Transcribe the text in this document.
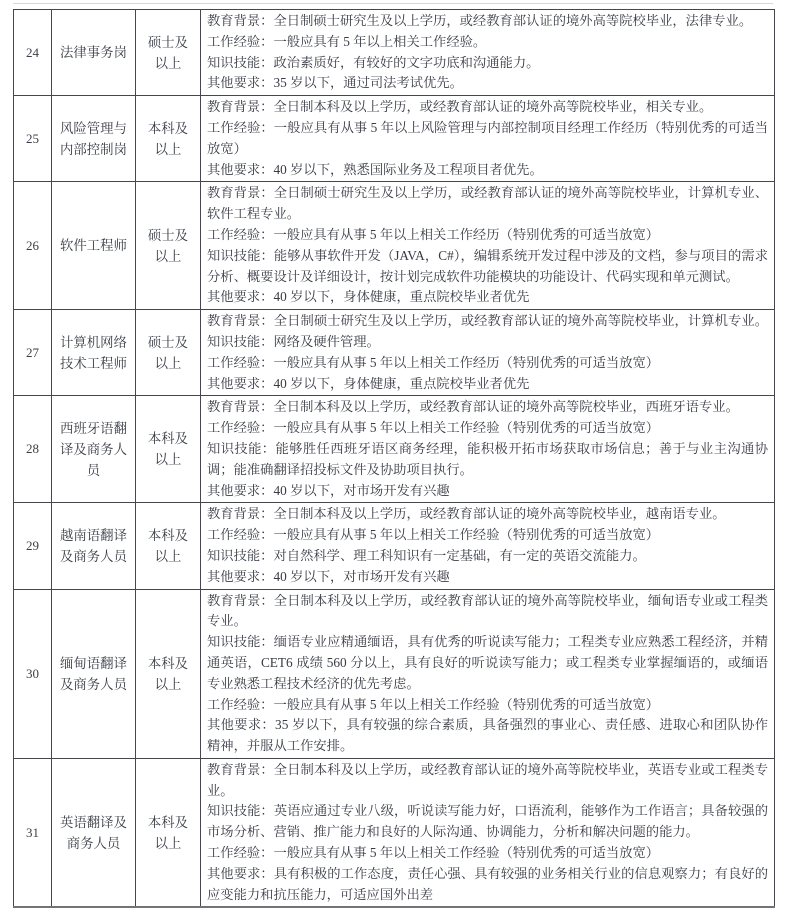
24	法律事务岗	硕士及以上	教育背景：全日制硕士研究生及以上学历，或经教育部认证的境外高等院校毕业，法律专业。

工作经验：一般应具有 5 年以上相关工作经验。

知识技能：政治素质好，有较好的文字功底和沟通能力。

其他要求：35 岁以下，通过司法考试优先。

25	风险管理与内部控制岗	本科及以上	教育背景：全日制本科及以上学历，或经教育部认证的境外高等院校毕业，相关专业。

工作经验：一般应具有从事 5 年以上风险管理与内部控制项目经理工作经历（特别优秀的可适当放宽）

其他要求：40 岁以下，熟悉国际业务及工程项目者优先。

26	软件工程师	硕士及以上	教育背景：全日制硕士研究生及以上学历，或经教育部认证的境外高等院校毕业，计算机专业、软件工程专业。

工作经验：一般应具有从事 5 年以上相关工作经历（特别优秀的可适当放宽）

知识技能：能够从事软件开发（JAVA，C#），编辑系统开发过程中涉及的文档，参与项目的需求分析、概要设计及详细设计，按计划完成软件功能模块的功能设计、代码实现和单元测试。

其他要求：40 岁以下，身体健康，重点院校毕业者优先

27	计算机网络技术工程师	硕士及以上	教育背景：全日制硕士研究生及以上学历，或经教育部认证的境外高等院校毕业，计算机专业。知识技能：网络及硬件管理。

工作经验：一般应具有从事 5 年以上相关工作经历（特别优秀的可适当放宽）

其他要求：40 岁以下，身体健康，重点院校毕业者优先

28	西班牙语翻译及商务人员	本科及以上	教育背景：全日制本科及以上学历，或经教育部认证的境外高等院校毕业，西班牙语专业。

工作经验：一般应具有从事 5 年以上相关工作经验（特别优秀的可适当放宽）

知识技能：能够胜任西班牙语区商务经理，能积极开拓市场获取市场信息；善于与业主沟通协调；能准确翻译招投标文件及协助项目执行。

其他要求：40 岁以下，对市场开发有兴趣

29	越南语翻译及商务人员	本科及以上	教育背景：全日制本科及以上学历，或经教育部认证的境外高等院校毕业，越南语专业。

工作经验：一般应具有从事 5 年以上相关工作经验（特别优秀的可适当放宽）

知识技能：对自然科学、理工科知识有一定基础，有一定的英语交流能力。

其他要求：40 岁以下，对市场开发有兴趣

30	缅甸语翻译及商务人员	本科及以上	教育背景：全日制本科及以上学历，或经教育部认证的境外高等院校毕业，缅甸语专业或工程类专业。

知识技能：缅语专业应精通缅语，具有优秀的听说读写能力；工程类专业应熟悉工程经济，并精通英语，CET6 成绩 560 分以上，具有良好的听说读写能力；或工程类专业掌握缅语的，或缅语专业熟悉工程技术经济的优先考虑。

工作经验：一般应具有从事 5 年以上相关工作经验（特别优秀的可适当放宽）

其他要求：35 岁以下，具有较强的综合素质，具备强烈的事业心、责任感、进取心和团队协作精神，并服从工作安排。

31	英语翻译及商务人员	本科及以上	教育背景：全日制本科及以上学历，或经教育部认证的境外高等院校毕业，英语专业或工程类专业。

知识技能：英语应通过专业八级，听说读写能力好，口语流利，能够作为工作语言；具备较强的市场分析、营销、推广能力和良好的人际沟通、协调能力，分析和解决问题的能力。

工作经验：一般应具有从事 5 年以上相关工作经验（特别优秀的可适当放宽）

其他要求：具有积极的工作态度，责任心强、具有较强的业务相关行业的信息观察力；有良好的应变能力和抗压能力，可适应国外出差
